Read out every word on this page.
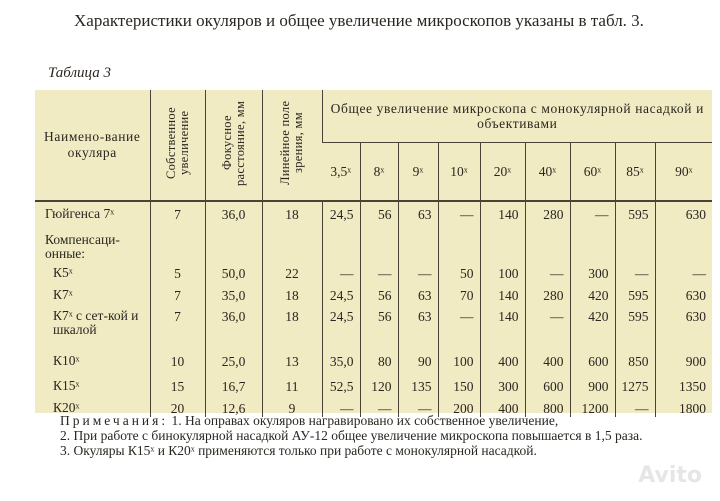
Характеристики окуляров и общее увеличение микроскопов указаны в табл. 3.
Таблица 3
Наимено-вание окуляра	Собственное увеличение	Фокусное расстояние, мм	Линейное поле зрения, мм	Общее увеличение микроскопа с монокулярной насадкой и объективами								
				3,5ˣ	8ˣ	9ˣ	10ˣ	20ˣ	40ˣ	60ˣ	85ˣ	90ˣ
Гюйгенса 7ˣ	7	36,0	18	24,5	56	63	—	140	280	—	595	630
Компенсаци-онные:												
К5ˣ	5	50,0	22	—	—	—	50	100	—	300	—	—
К7ˣ	7	35,0	18	24,5	56	63	70	140	280	420	595	630
К7ˣ с сет-кой и шкалой	7	36,0	18	24,5	56	63	—	140	—	420	595	630
К10ˣ	10	25,0	13	35,0	80	90	100	400	400	600	850	900
К15ˣ	15	16,7	11	52,5	120	135	150	300	600	900	1275	1350
К20ˣ	20	12,6	9	—	—	—	200	400	800	1200	—	1800

Примечания: 1. На оправах окуляров награвировано их собственное увеличение,

2. При работе с бинокулярной насадкой АУ-12 общее увеличение микроскопа повышается в 1,5 раза.

3. Окуляры К15ˣ и К20ˣ применяются только при работе с монокулярной насадкой.

Avito
